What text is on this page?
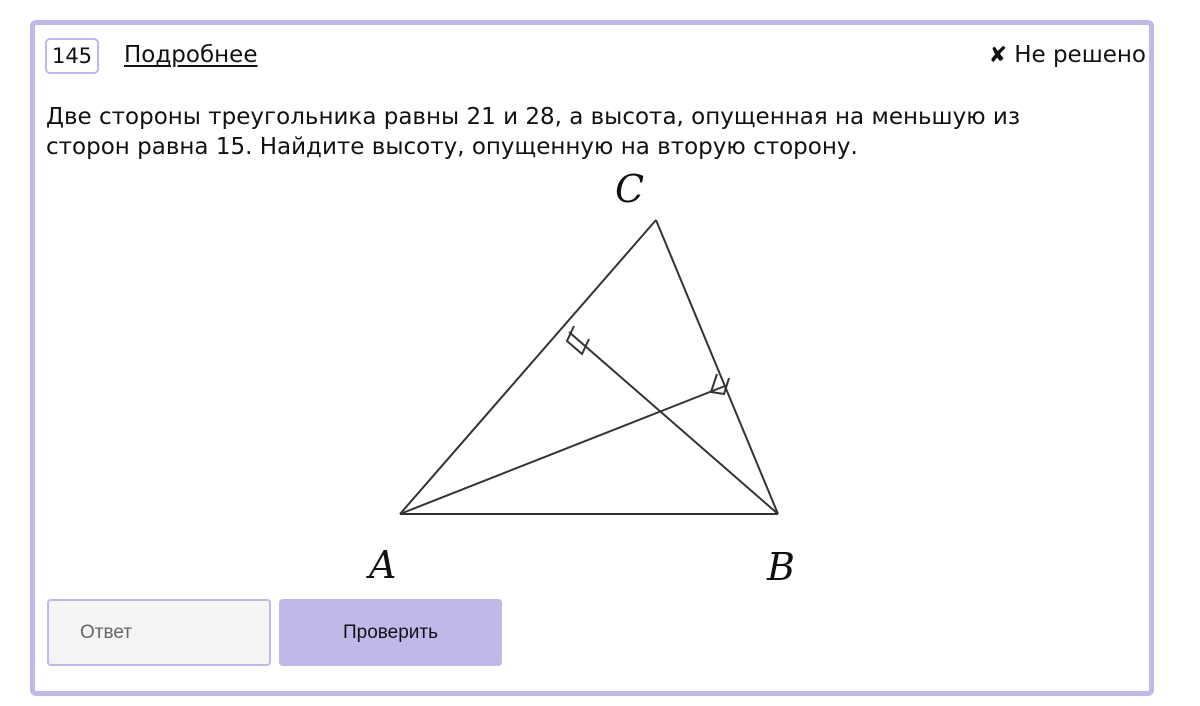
145	Подробнее	✘ Не решено

Две стороны треугольника равны 21 и 28, а высота, опущенная на меньшую из
сторон равна 15. Найдите высоту, опущенную на вторую сторону.

A	B
C
Ответ
Проверить
